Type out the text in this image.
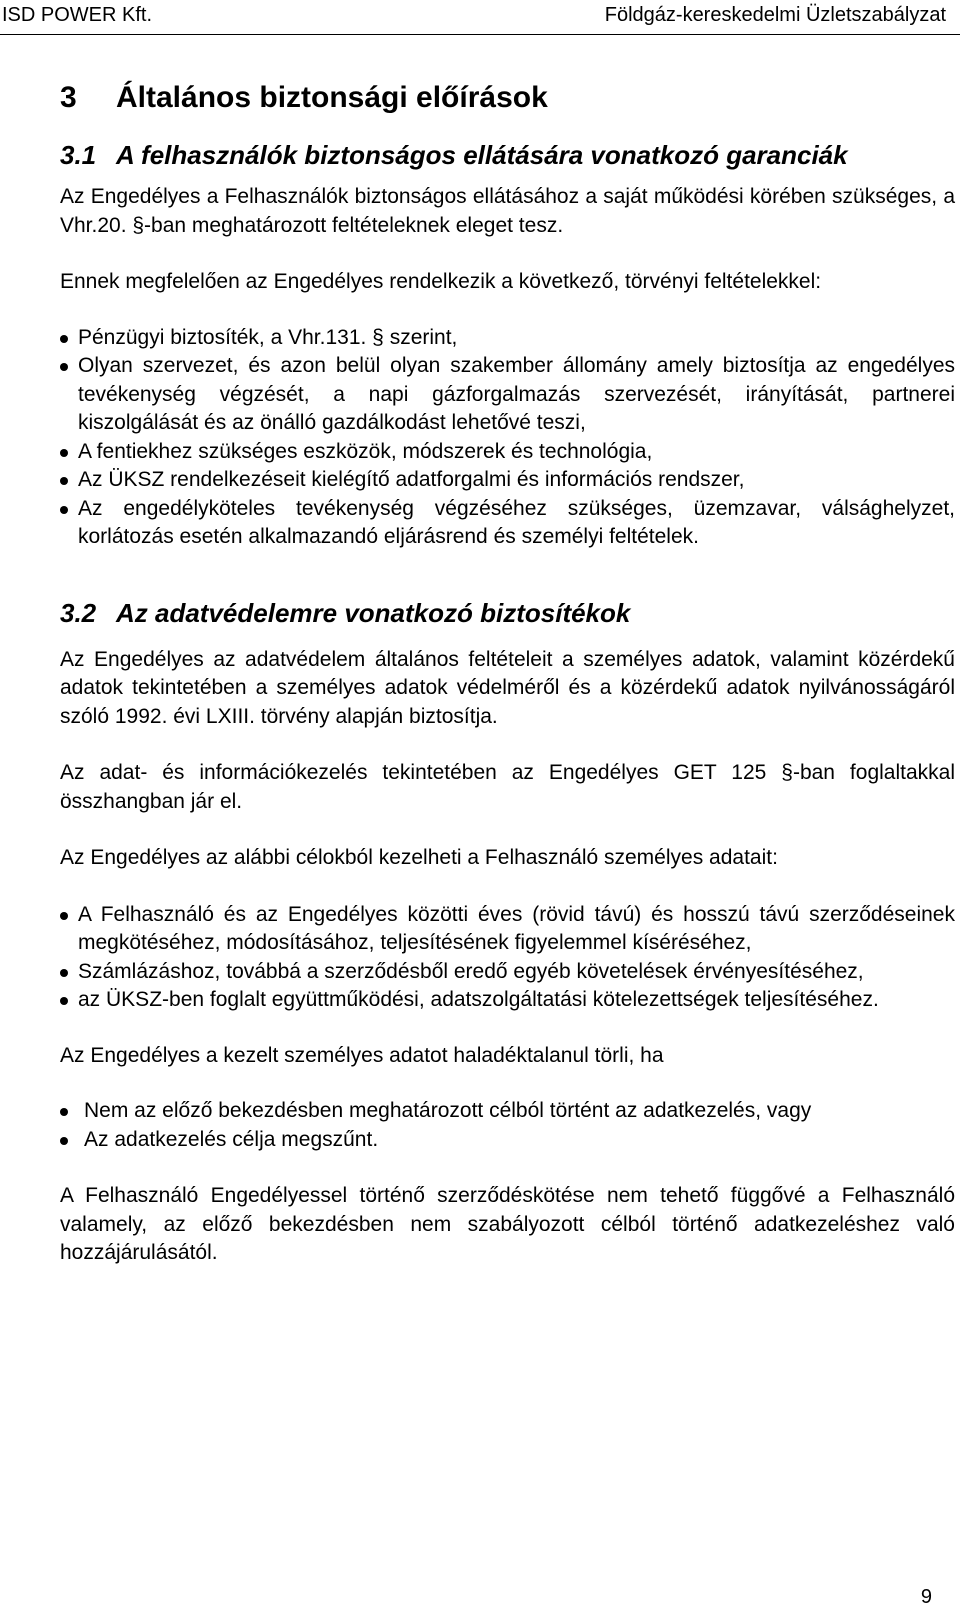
ISD POWER Kft.	Földgáz-kereskedelmi Üzletszabályzat
3	Általános biztonsági előírások
3.1 A felhasználók biztonságos ellátására vonatkozó garanciák

Az Engedélyes a Felhasználók biztonságos ellátásához a saját működési körében szükséges, a Vhr.20. §-ban meghatározott feltételeknek eleget tesz.

Ennek megfelelően az Engedélyes rendelkezik a következő, törvényi feltételekkel:

Pénzügyi biztosíték, a Vhr.131. § szerint,
Olyan szervezet, és azon belül olyan szakember állomány amely biztosítja az engedélyes tevékenység végzését, a napi gázforgalmazás szervezését, irányítását, partnerei kiszolgálását és az önálló gazdálkodást lehetővé teszi,
A fentiekhez szükséges eszközök, módszerek és technológia,
Az ÜKSZ rendelkezéseit kielégítő adatforgalmi és információs rendszer,
Az engedélyköteles tevékenység végzéséhez szükséges, üzemzavar, válsághelyzet, korlátozás esetén alkalmazandó eljárásrend és személyi feltételek.
3.2 Az adatvédelemre vonatkozó biztosítékok

Az Engedélyes az adatvédelem általános feltételeit a személyes adatok, valamint közérdekű adatok tekintetében a személyes adatok védelméről és a közérdekű adatok nyilvánosságáról szóló 1992. évi LXIII. törvény alapján biztosítja.

Az adat- és információkezelés tekintetében az Engedélyes GET 125 §-ban foglaltakkal összhangban jár el.

Az Engedélyes az alábbi célokból kezelheti a Felhasználó személyes adatait:

A Felhasználó és az Engedélyes közötti éves (rövid távú) és hosszú távú szerződéseinek megkötéséhez, módosításához, teljesítésének figyelemmel kíséréséhez,
Számlázáshoz, továbbá a szerződésből eredő egyéb követelések érvényesítéséhez,
az ÜKSZ-ben foglalt együttműködési, adatszolgáltatási kötelezettségek teljesítéséhez.

Az Engedélyes a kezelt személyes adatot haladéktalanul törli, ha

Nem az előző bekezdésben meghatározott célból történt az adatkezelés, vagy
Az adatkezelés célja megszűnt.

A Felhasználó Engedélyessel történő szerződéskötése nem tehető függővé a Felhasználó valamely, az előző bekezdésben nem szabályozott célból történő adatkezeléshez való hozzájárulásától.

9
